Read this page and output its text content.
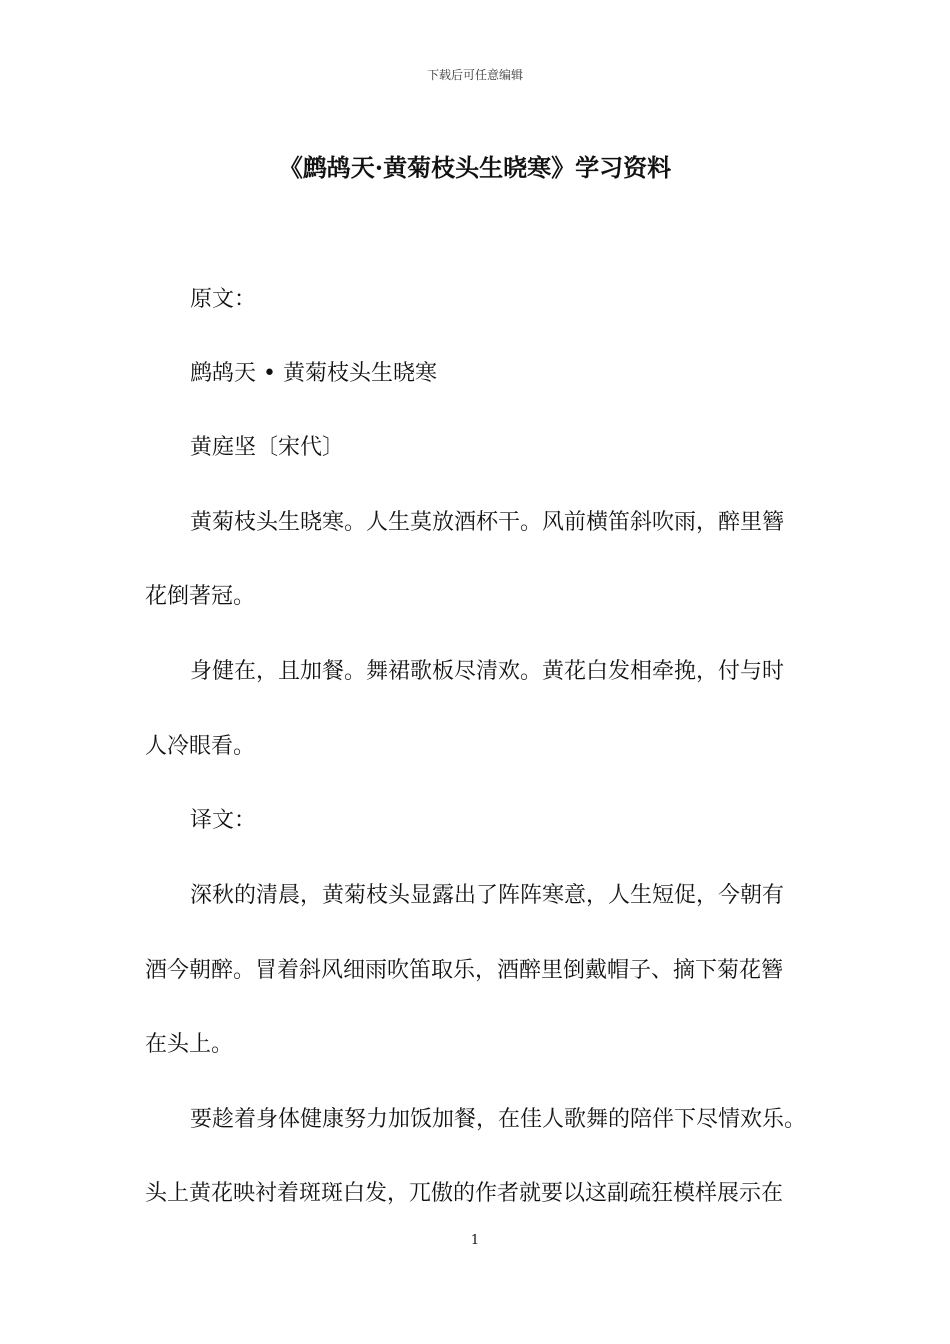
下载后可任意编辑
《鹧鸪天·黄菊枝头生晓寒》学习资料

原文：

鹧鸪天 • 黄菊枝头生晓寒

黄庭坚〔宋代〕

黄菊枝头生晓寒。人生莫放酒杯干。风前横笛斜吹雨，醉里簪

花倒著冠。

身健在，且加餐。舞裙歌板尽清欢。黄花白发相牵挽，付与时

人冷眼看。

译文：

深秋的清晨，黄菊枝头显露出了阵阵寒意，人生短促，今朝有

酒今朝醉。冒着斜风细雨吹笛取乐，酒醉里倒戴帽子、摘下菊花簪

在头上。

要趁着身体健康努力加饭加餐，在佳人歌舞的陪伴下尽情欢乐。

头上黄花映衬着斑斑白发，兀傲的作者就要以这副疏狂模样展示在

1
